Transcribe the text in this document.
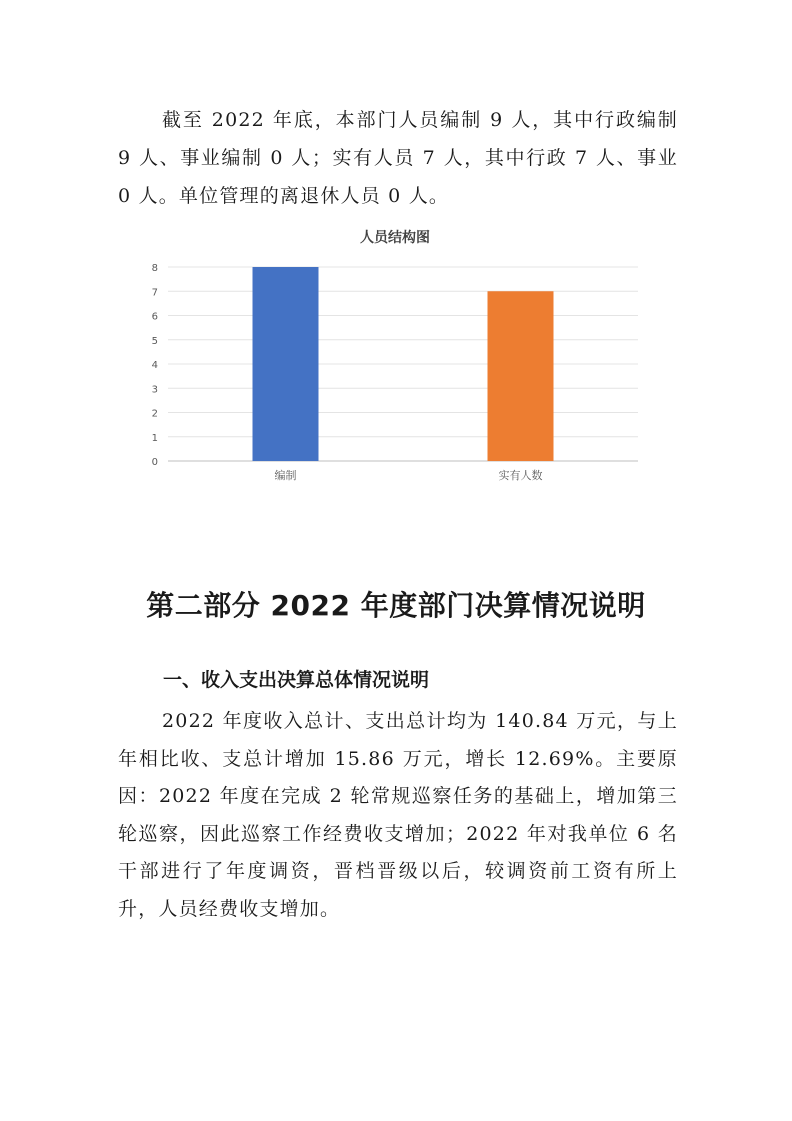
截至 2022 年底，本部门人员编制 9 人，其中行政编制 9 人、事业编制 0 人；实有人员 7 人，其中行政 7 人、事业 0 人。单位管理的离退休人员 0 人。

人员结构图
0
1
2
3
4
5
6
7
8
编制	实有人数
第二部分 2022 年度部门决算情况说明
一、收入支出决算总体情况说明

2022 年度收入总计、支出总计均为 140.84 万元，与上年相比收、支总计增加 15.86 万元，增长 12.69%。主要原因：2022 年度在完成 2 轮常规巡察任务的基础上，增加第三轮巡察，因此巡察工作经费收支增加；2022 年对我单位 6 名干部进行了年度调资，晋档晋级以后，较调资前工资有所上升，人员经费收支增加。
